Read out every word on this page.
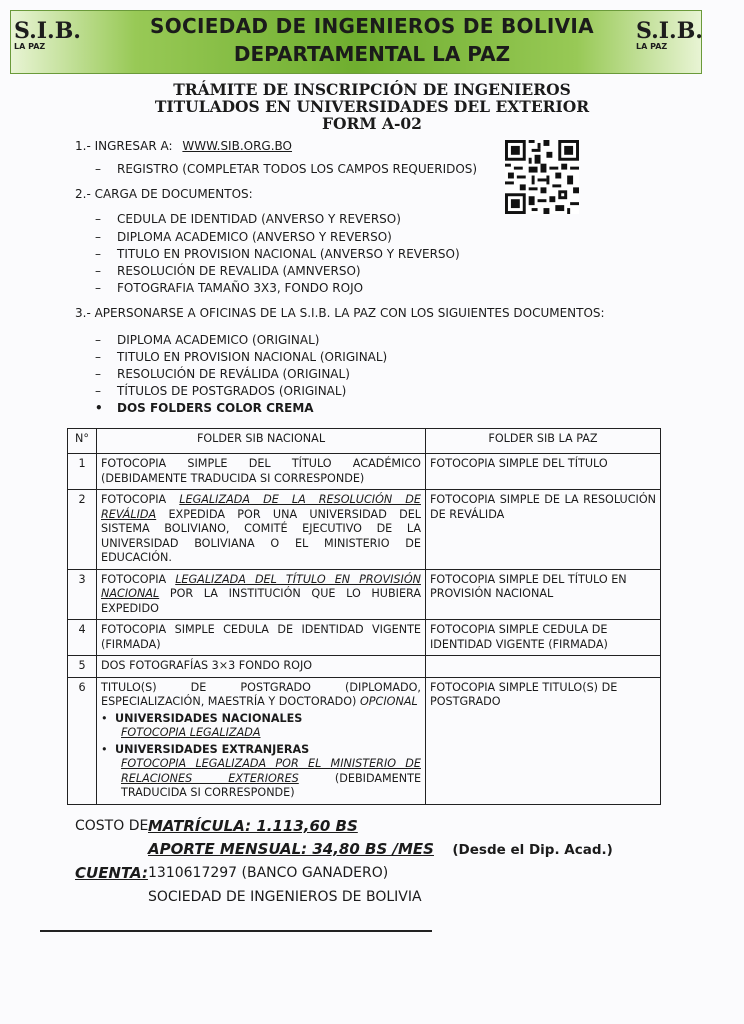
S.I.B.
LA PAZ
S.I.B.
LA PAZ
SOCIEDAD DE INGENIEROS DE BOLIVIA
DEPARTAMENTAL LA PAZ
TRÁMITE DE INSCRIPCIÓN DE INGENIEROS
TITULADOS EN UNIVERSIDADES DEL EXTERIOR
FORM A-02
1.- INGRESAR A: WWW.SIB.ORG.BO
– REGISTRO (COMPLETAR TODOS LOS CAMPOS REQUERIDOS)
2.- CARGA DE DOCUMENTOS:
– CEDULA DE IDENTIDAD (ANVERSO Y REVERSO)
– DIPLOMA ACADEMICO (ANVERSO Y REVERSO)
– TITULO EN PROVISION NACIONAL (ANVERSO Y REVERSO)
– RESOLUCIÓN DE REVALIDA (AMNVERSO)
– FOTOGRAFIA TAMAÑO 3X3, FONDO ROJO
3.- APERSONARSE A OFICINAS DE LA S.I.B. LA PAZ CON LOS SIGUIENTES DOCUMENTOS:
– DIPLOMA ACADEMICO (ORIGINAL)
– TITULO EN PROVISION NACIONAL (ORIGINAL)
– RESOLUCIÓN DE REVÁLIDA (ORIGINAL)
– TÍTULOS DE POSTGRADOS (ORIGINAL)
• DOS FOLDERS COLOR CREMA
N°	FOLDER SIB NACIONAL	FOLDER SIB LA PAZ
1	FOTOCOPIA SIMPLE DEL TÍTULO ACADÉMICO (DEBIDAMENTE TRADUCIDA SI CORRESPONDE)	FOTOCOPIA SIMPLE DEL TÍTULO
2	FOTOCOPIA LEGALIZADA DE LA RESOLUCIÓN DE REVÁLIDA EXPEDIDA POR UNA UNIVERSIDAD DEL SISTEMA BOLIVIANO, COMITÉ EJECUTIVO DE LA UNIVERSIDAD BOLIVIANA O EL MINISTERIO DE EDUCACIÓN.	FOTOCOPIA SIMPLE DE LA RESOLUCIÓN DE REVÁLIDA
3	FOTOCOPIA LEGALIZADA DEL TÍTULO EN PROVISIÓN NACIONAL POR LA INSTITUCIÓN QUE LO HUBIERA EXPEDIDO	FOTOCOPIA SIMPLE DEL TÍTULO EN PROVISIÓN NACIONAL
4	FOTOCOPIA SIMPLE CEDULA DE IDENTIDAD VIGENTE (FIRMADA)	FOTOCOPIA SIMPLE CEDULA DE IDENTIDAD VIGENTE (FIRMADA)
5	DOS FOTOGRAFÍAS 3×3 FONDO ROJO	
6	TITULO(S) DE POSTGRADO (DIPLOMADO, ESPECIALIZACIÓN, MAESTRÍA Y DOCTORADO) OPCIONAL
• UNIVERSIDADES NACIONALES
FOTOCOPIA LEGALIZADA
• UNIVERSIDADES EXTRANJERAS
FOTOCOPIA LEGALIZADA POR EL MINISTERIO DE RELACIONES EXTERIORES (DEBIDAMENTE TRADUCIDA SI CORRESPONDE)	FOTOCOPIA SIMPLE TITULO(S) DE POSTGRADO
COSTO DE MATRÍCULA: 1.113,60 BS
APORTE MENSUAL: 34,80 BS /MES (Desde el Dip. Acad.)
CUENTA: 1310617297 (BANCO GANADERO)
SOCIEDAD DE INGENIEROS DE BOLIVIA
